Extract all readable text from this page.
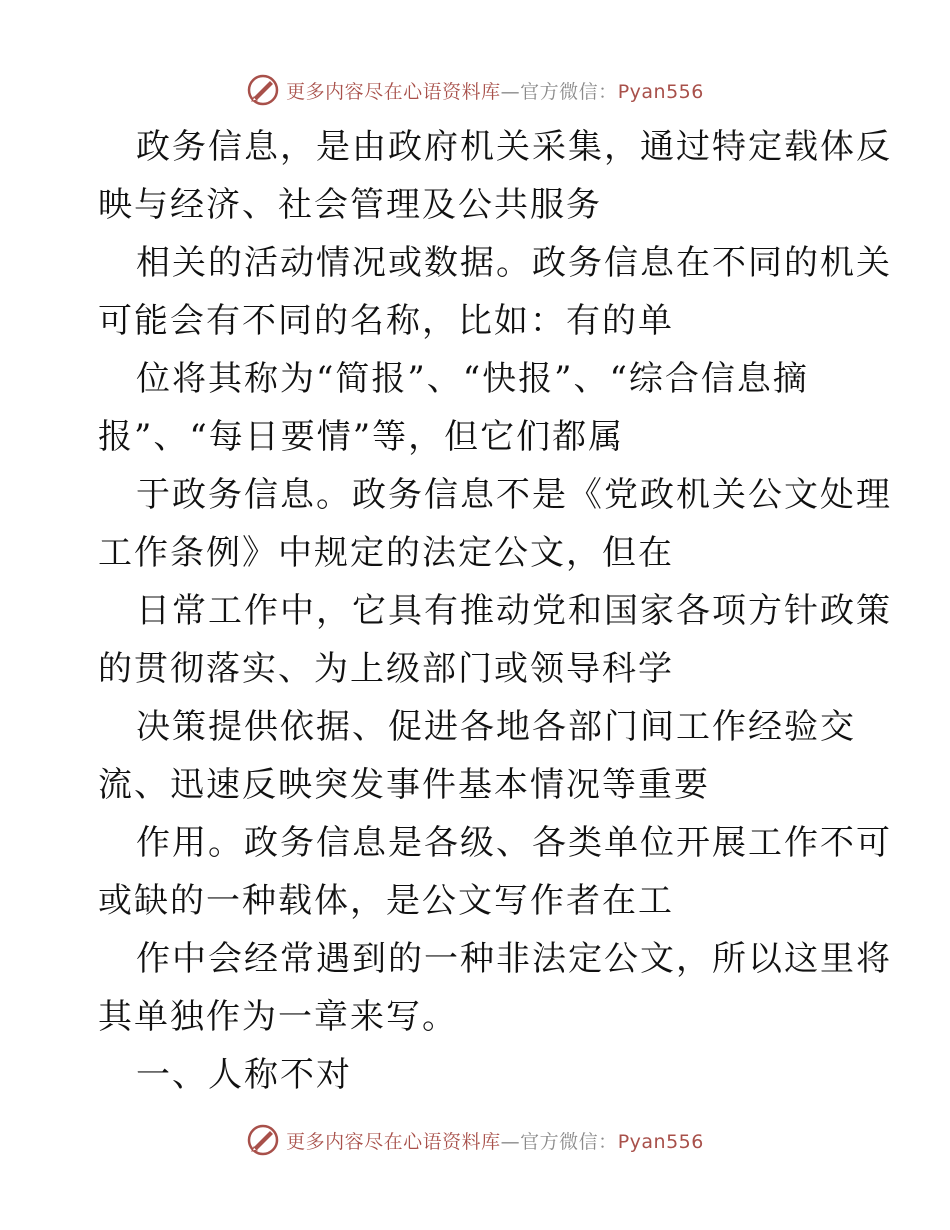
更多内容尽在心语资料库—官方微信：Pyan556

政务信息，是由政府机关采集，通过特定载体反

映与经济、社会管理及公共服务

相关的活动情况或数据。政务信息在不同的机关

可能会有不同的名称，比如：有的单

位将其称为“简报”、“快报”、“综合信息摘

报”、“每日要情”等，但它们都属

于政务信息。政务信息不是《党政机关公文处理

工作条例》中规定的法定公文，但在

日常工作中，它具有推动党和国家各项方针政策

的贯彻落实、为上级部门或领导科学

决策提供依据、促进各地各部门间工作经验交

流、迅速反映突发事件基本情况等重要

作用。政务信息是各级、各类单位开展工作不可

或缺的一种载体，是公文写作者在工

作中会经常遇到的一种非法定公文，所以这里将

其单独作为一章来写。

一、人称不对

更多内容尽在心语资料库—官方微信：Pyan556
